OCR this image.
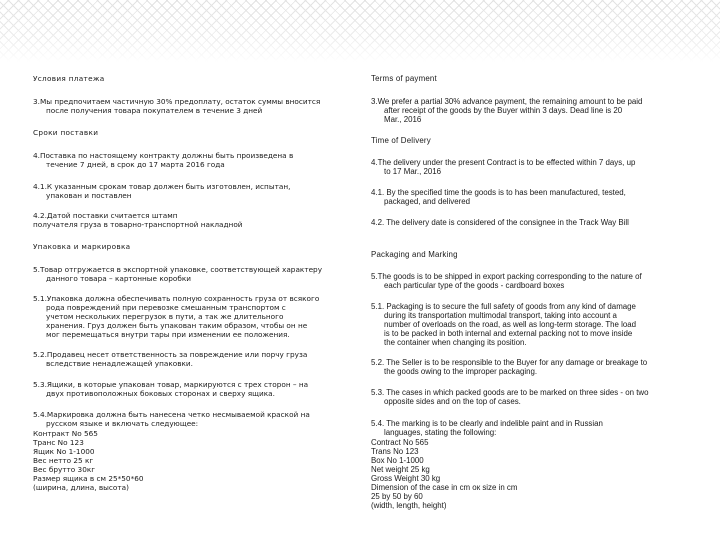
Условия платежа
3.Мы предпочитаем частичную 30% предоплату, остаток суммы вносится
после получения товара покупателем в течение 3 дней
Сроки поставки
4.Поставка по настоящему контракту должны быть произведена в
течение 7 дней, в срок до 17 марта 2016 года
4.1.К указанным срокам товар должен быть изготовлен, испытан,
упакован и поставлен
4.2.Датой поставки считается штамп
получателя груза в товарно-транспортной накладной
Упаковка и маркировка
5.Товар отгружается в экспортной упаковке, соответствующей характеру
данного товара – картонные коробки
5.1.Упаковка должна обеспечивать полную сохранность груза от всякого
рода повреждений при перевозке смешанным транспортом с
учетом нескольких перегрузок в пути, а так же длительного
хранения. Груз должен быть упакован таким образом, чтобы он не
мог перемещаться внутри тары при изменении ее положения.
5.2.Продавец несет ответственность за повреждение или порчу груза
вследствие ненадлежащей упаковки.
5.3.Ящики, в которые упакован товар, маркируются с трех сторон – на
двух противоположных боковых сторонах и сверху ящика.
5.4.Маркировка должна быть нанесена четко несмываемой краской на
русском языке и включать следующее:
Контракт No 565
Транс No 123
Ящик No 1-1000
Вес нетто 25 кг
Вес брутто 30кг
Размер ящика в см 25*50*60
(ширина, длина, высота)
Terms of payment
3.We prefer a partial 30% advance payment, the remaining amount to be paid
after receipt of the goods by the Buyer within 3 days. Dead line is 20
Mar., 2016
Time of Delivery
4.The delivery under the present Contract is to be effected within 7 days, up
to 17 Mar., 2016
4.1. By the specified time the goods is to has been manufactured, tested,
packaged, and delivered
4.2. The delivery date is considered of the consignee in the Track Way Bill
Packaging and Marking
5.The goods is to be shipped in export packing corresponding to the nature of
each particular type of the goods - cardboard boxes
5.1. Packaging is to secure the full safety of goods from any kind of damage
during its transportation multimodal transport, taking into account a
number of overloads on the road, as well as long-term storage. The load
is to be packed in both internal and external packing not to move inside
the container when changing its position.
5.2. The Seller is to be responsible to the Buyer for any damage or breakage to
the goods owing to the improper packaging.
5.3. The cases in which packed goods are to be marked on three sides - on two
opposite sides and on the top of cases.
5.4. The marking is to be clearly and indelible paint and in Russian
languages, stating the following:
Contract No 565
Trans No 123
Box No 1-1000
Net weight 25 kg
Gross Weight 30 kg
Dimension of the case in cm ок size in cm
25 by 50 by 60
(width, length, height)
